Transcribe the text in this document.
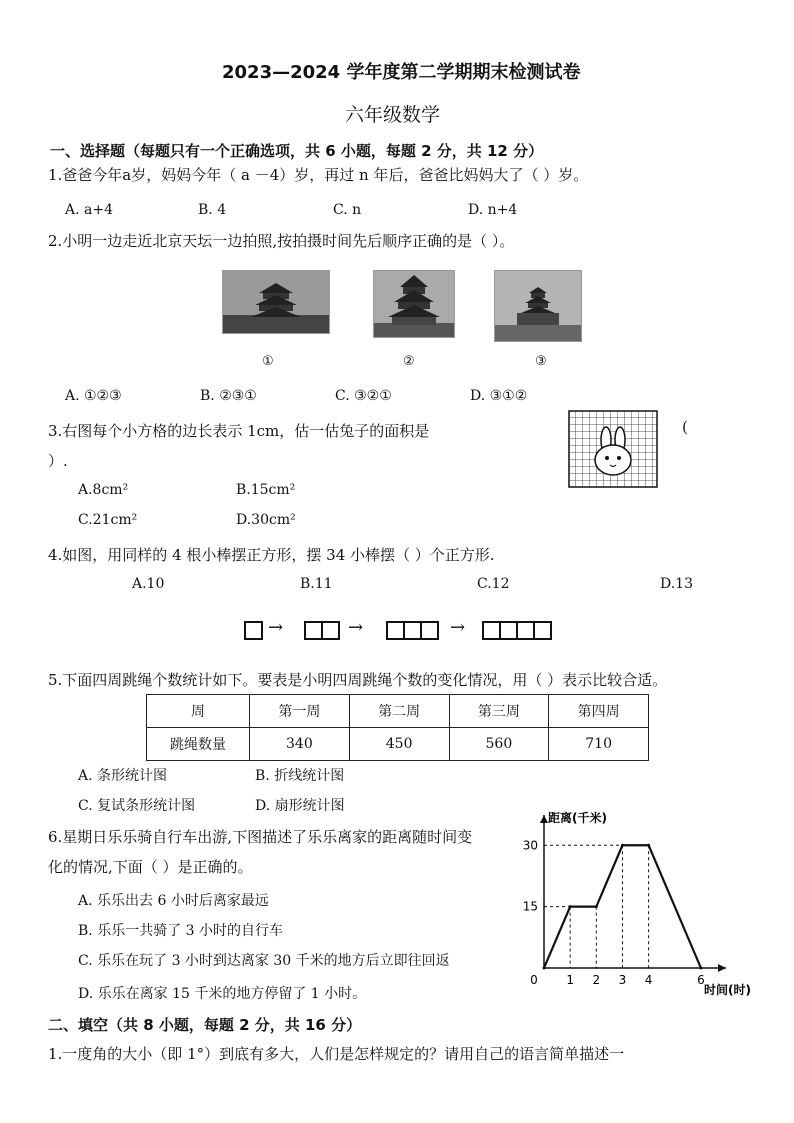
2023—2024 学年度第二学期期末检测试卷
六年级数学
一、选择题（每题只有一个正确选项，共 6 小题，每题 2 分，共 12 分）
1.爸爸今年a岁，妈妈今年（ a －4）岁，再过 n 年后，爸爸比妈妈大了（ ）岁。
A. a+4	B. 4	C. n	D. n+4
2.小明一边走近北京天坛一边拍照,按拍摄时间先后顺序正确的是（ ）。
①	②	③
A. ①②③	B. ②③①	C. ③②①	D. ③①②
3.右图每个小方格的边长表示 1cm，估一估兔子的面积是	(
）.
A.8cm²	B.15cm²
C.21cm²	D.30cm²
4.如图，用同样的 4 根小棒摆正方形，摆 34 小棒摆（ ）个正方形.
A.10	B.11	C.12	D.13
→	→	→
5.下面四周跳绳个数统计如下。要表是小明四周跳绳个数的变化情况，用（ ）表示比较合适。
周	第一周	第二周	第三周	第四周
跳绳数量	340	450	560	710
A. 条形统计图	B. 折线统计图
C. 复试条形统计图	D. 扇形统计图
6.星期日乐乐骑自行车出游,下图描述了乐乐离家的距离随时间变
化的情况,下面（ ）是正确的。
A. 乐乐出去 6 小时后离家最远
B. 乐乐一共骑了 3 小时的自行车
C. 乐乐在玩了 3 小时到达离家 30 千米的地方后立即往回返
D. 乐乐在离家 15 千米的地方停留了 1 小时。
距离(千米)
时间(时)
15
30
0 1 2 3 4	6
二、填空（共 8 小题，每题 2 分，共 16 分）
1.一度角的大小（即 1°）到底有多大，人们是怎样规定的？请用自己的语言简单描述一
